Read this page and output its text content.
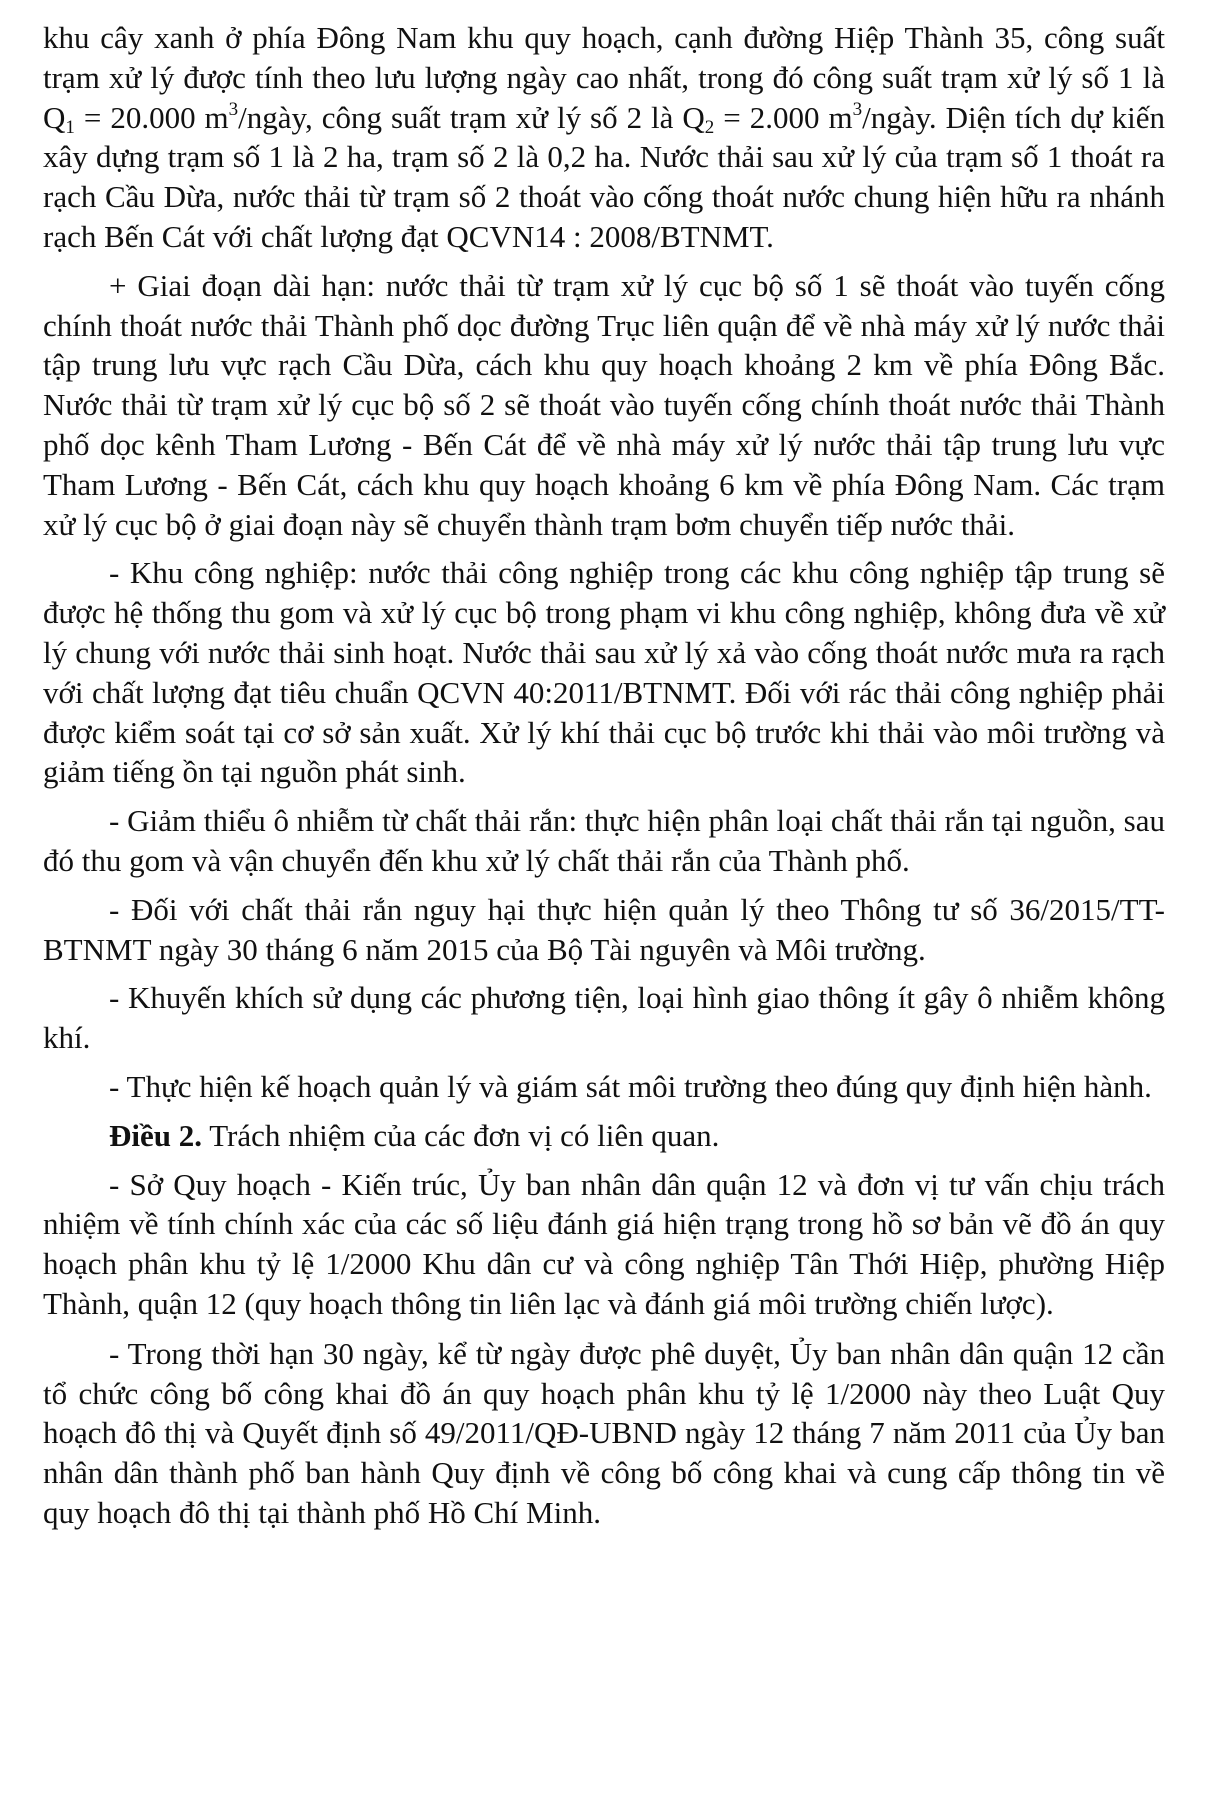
khu cây xanh ở phía Đông Nam khu quy hoạch, cạnh đường Hiệp Thành 35, công suất trạm xử lý được tính theo lưu lượng ngày cao nhất, trong đó công suất trạm xử lý số 1 là $Q_1 = 20.000$ $m^3$/ngày, công suất trạm xử lý số 2 là $Q_2 = 2.000$ $m^3$/ngày. Diện tích dự kiến xây dựng trạm số 1 là 2 ha, trạm số 2 là 0,2 ha. Nước thải sau xử lý của trạm số 1 thoát ra rạch Cầu Dừa, nước thải từ trạm số 2 thoát vào cống thoát nước chung hiện hữu ra nhánh rạch Bến Cát với chất lượng đạt QCVN14 : 2008/BTNMT.

+ Giai đoạn dài hạn: nước thải từ trạm xử lý cục bộ số 1 sẽ thoát vào tuyến cống chính thoát nước thải Thành phố dọc đường Trục liên quận để về nhà máy xử lý nước thải tập trung lưu vực rạch Cầu Dừa, cách khu quy hoạch khoảng 2 km về phía Đông Bắc. Nước thải từ trạm xử lý cục bộ số 2 sẽ thoát vào tuyến cống chính thoát nước thải Thành phố dọc kênh Tham Lương - Bến Cát để về nhà máy xử lý nước thải tập trung lưu vực Tham Lương - Bến Cát, cách khu quy hoạch khoảng 6 km về phía Đông Nam. Các trạm xử lý cục bộ ở giai đoạn này sẽ chuyển thành trạm bơm chuyển tiếp nước thải.

- Khu công nghiệp: nước thải công nghiệp trong các khu công nghiệp tập trung sẽ được hệ thống thu gom và xử lý cục bộ trong phạm vi khu công nghiệp, không đưa về xử lý chung với nước thải sinh hoạt. Nước thải sau xử lý xả vào cống thoát nước mưa ra rạch với chất lượng đạt tiêu chuẩn QCVN 40:2011/BTNMT. Đối với rác thải công nghiệp phải được kiểm soát tại cơ sở sản xuất. Xử lý khí thải cục bộ trước khi thải vào môi trường và giảm tiếng ồn tại nguồn phát sinh.

- Giảm thiểu ô nhiễm từ chất thải rắn: thực hiện phân loại chất thải rắn tại nguồn, sau đó thu gom và vận chuyển đến khu xử lý chất thải rắn của Thành phố.

- Đối với chất thải rắn nguy hại thực hiện quản lý theo Thông tư số 36/2015/TT-BTNMT ngày 30 tháng 6 năm 2015 của Bộ Tài nguyên và Môi trường.

- Khuyến khích sử dụng các phương tiện, loại hình giao thông ít gây ô nhiễm không khí.

- Thực hiện kế hoạch quản lý và giám sát môi trường theo đúng quy định hiện hành.

Điều 2. Trách nhiệm của các đơn vị có liên quan.

- Sở Quy hoạch - Kiến trúc, Ủy ban nhân dân quận 12 và đơn vị tư vấn chịu trách nhiệm về tính chính xác của các số liệu đánh giá hiện trạng trong hồ sơ bản vẽ đồ án quy hoạch phân khu tỷ lệ 1/2000 Khu dân cư và công nghiệp Tân Thới Hiệp, phường Hiệp Thành, quận 12 (quy hoạch thông tin liên lạc và đánh giá môi trường chiến lược).

- Trong thời hạn 30 ngày, kể từ ngày được phê duyệt, Ủy ban nhân dân quận 12 cần tổ chức công bố công khai đồ án quy hoạch phân khu tỷ lệ 1/2000 này theo Luật Quy hoạch đô thị và Quyết định số 49/2011/QĐ-UBND ngày 12 tháng 7 năm 2011 của Ủy ban nhân dân thành phố ban hành Quy định về công bố công khai và cung cấp thông tin về quy hoạch đô thị tại thành phố Hồ Chí Minh.
